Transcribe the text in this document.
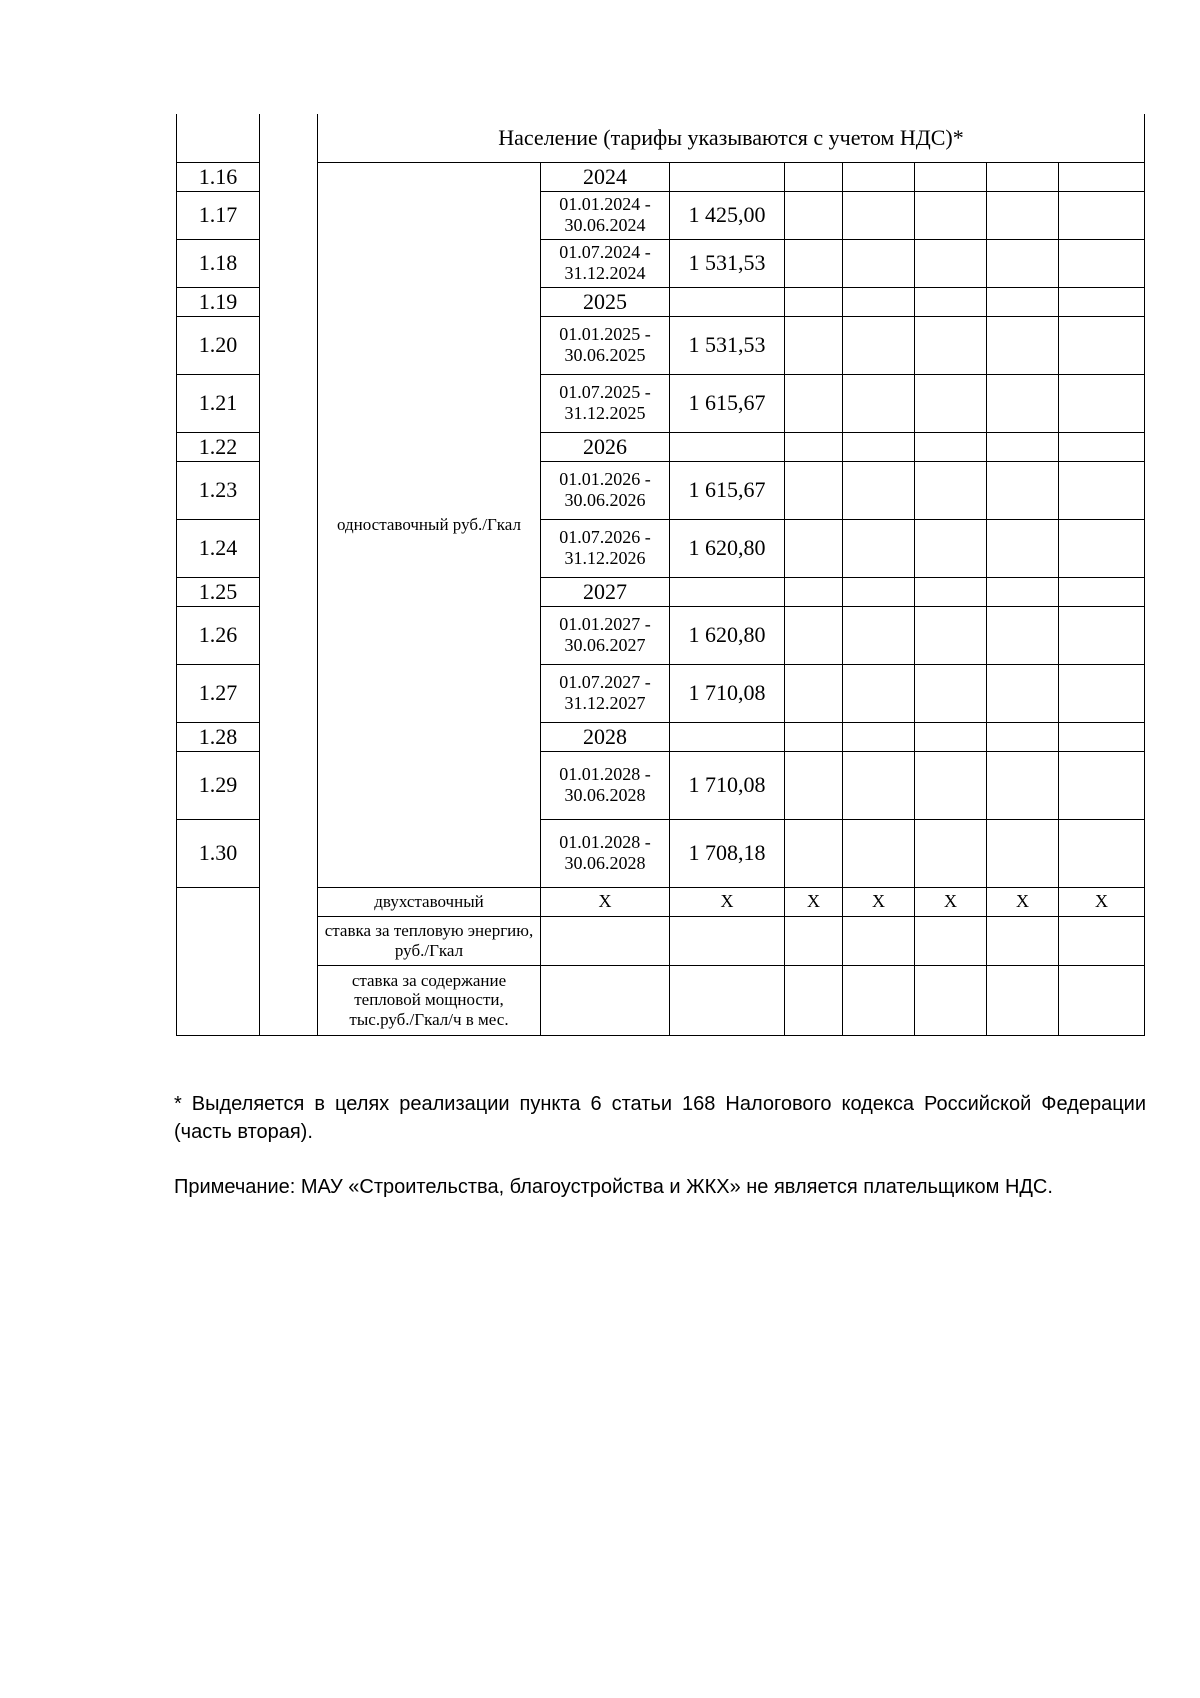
		Население (тарифы указываются с учетом НДС)*							
1.16		одноставочный руб./Гкал	2024						
1.17			01.01.2024 - 30.06.2024	1 425,00					
1.18			01.07.2024 - 31.12.2024	1 531,53					
1.19			2025						
1.20			01.01.2025 - 30.06.2025	1 531,53					
1.21			01.07.2025 - 31.12.2025	1 615,67					
1.22			2026						
1.23			01.01.2026 - 30.06.2026	1 615,67					
1.24			01.07.2026 - 31.12.2026	1 620,80					
1.25			2027						
1.26			01.01.2027 - 30.06.2027	1 620,80					
1.27			01.07.2027 - 31.12.2027	1 710,08					
1.28			2028						
1.29			01.01.2028 - 30.06.2028	1 710,08					
1.30			01.01.2028 - 30.06.2028	1 708,18					
		двухставочный	X	X	X	X	X	X	X
		ставка за тепловую энергию, руб./Гкал							
		ставка за содержание тепловой мощности, тыс.руб./Гкал/ч в мес.							

* Выделяется в целях реализации пункта 6 статьи 168 Налогового кодекса Российской Федерации (часть вторая).

Примечание: МАУ «Строительства, благоустройства и ЖКХ» не является плательщиком НДС.
